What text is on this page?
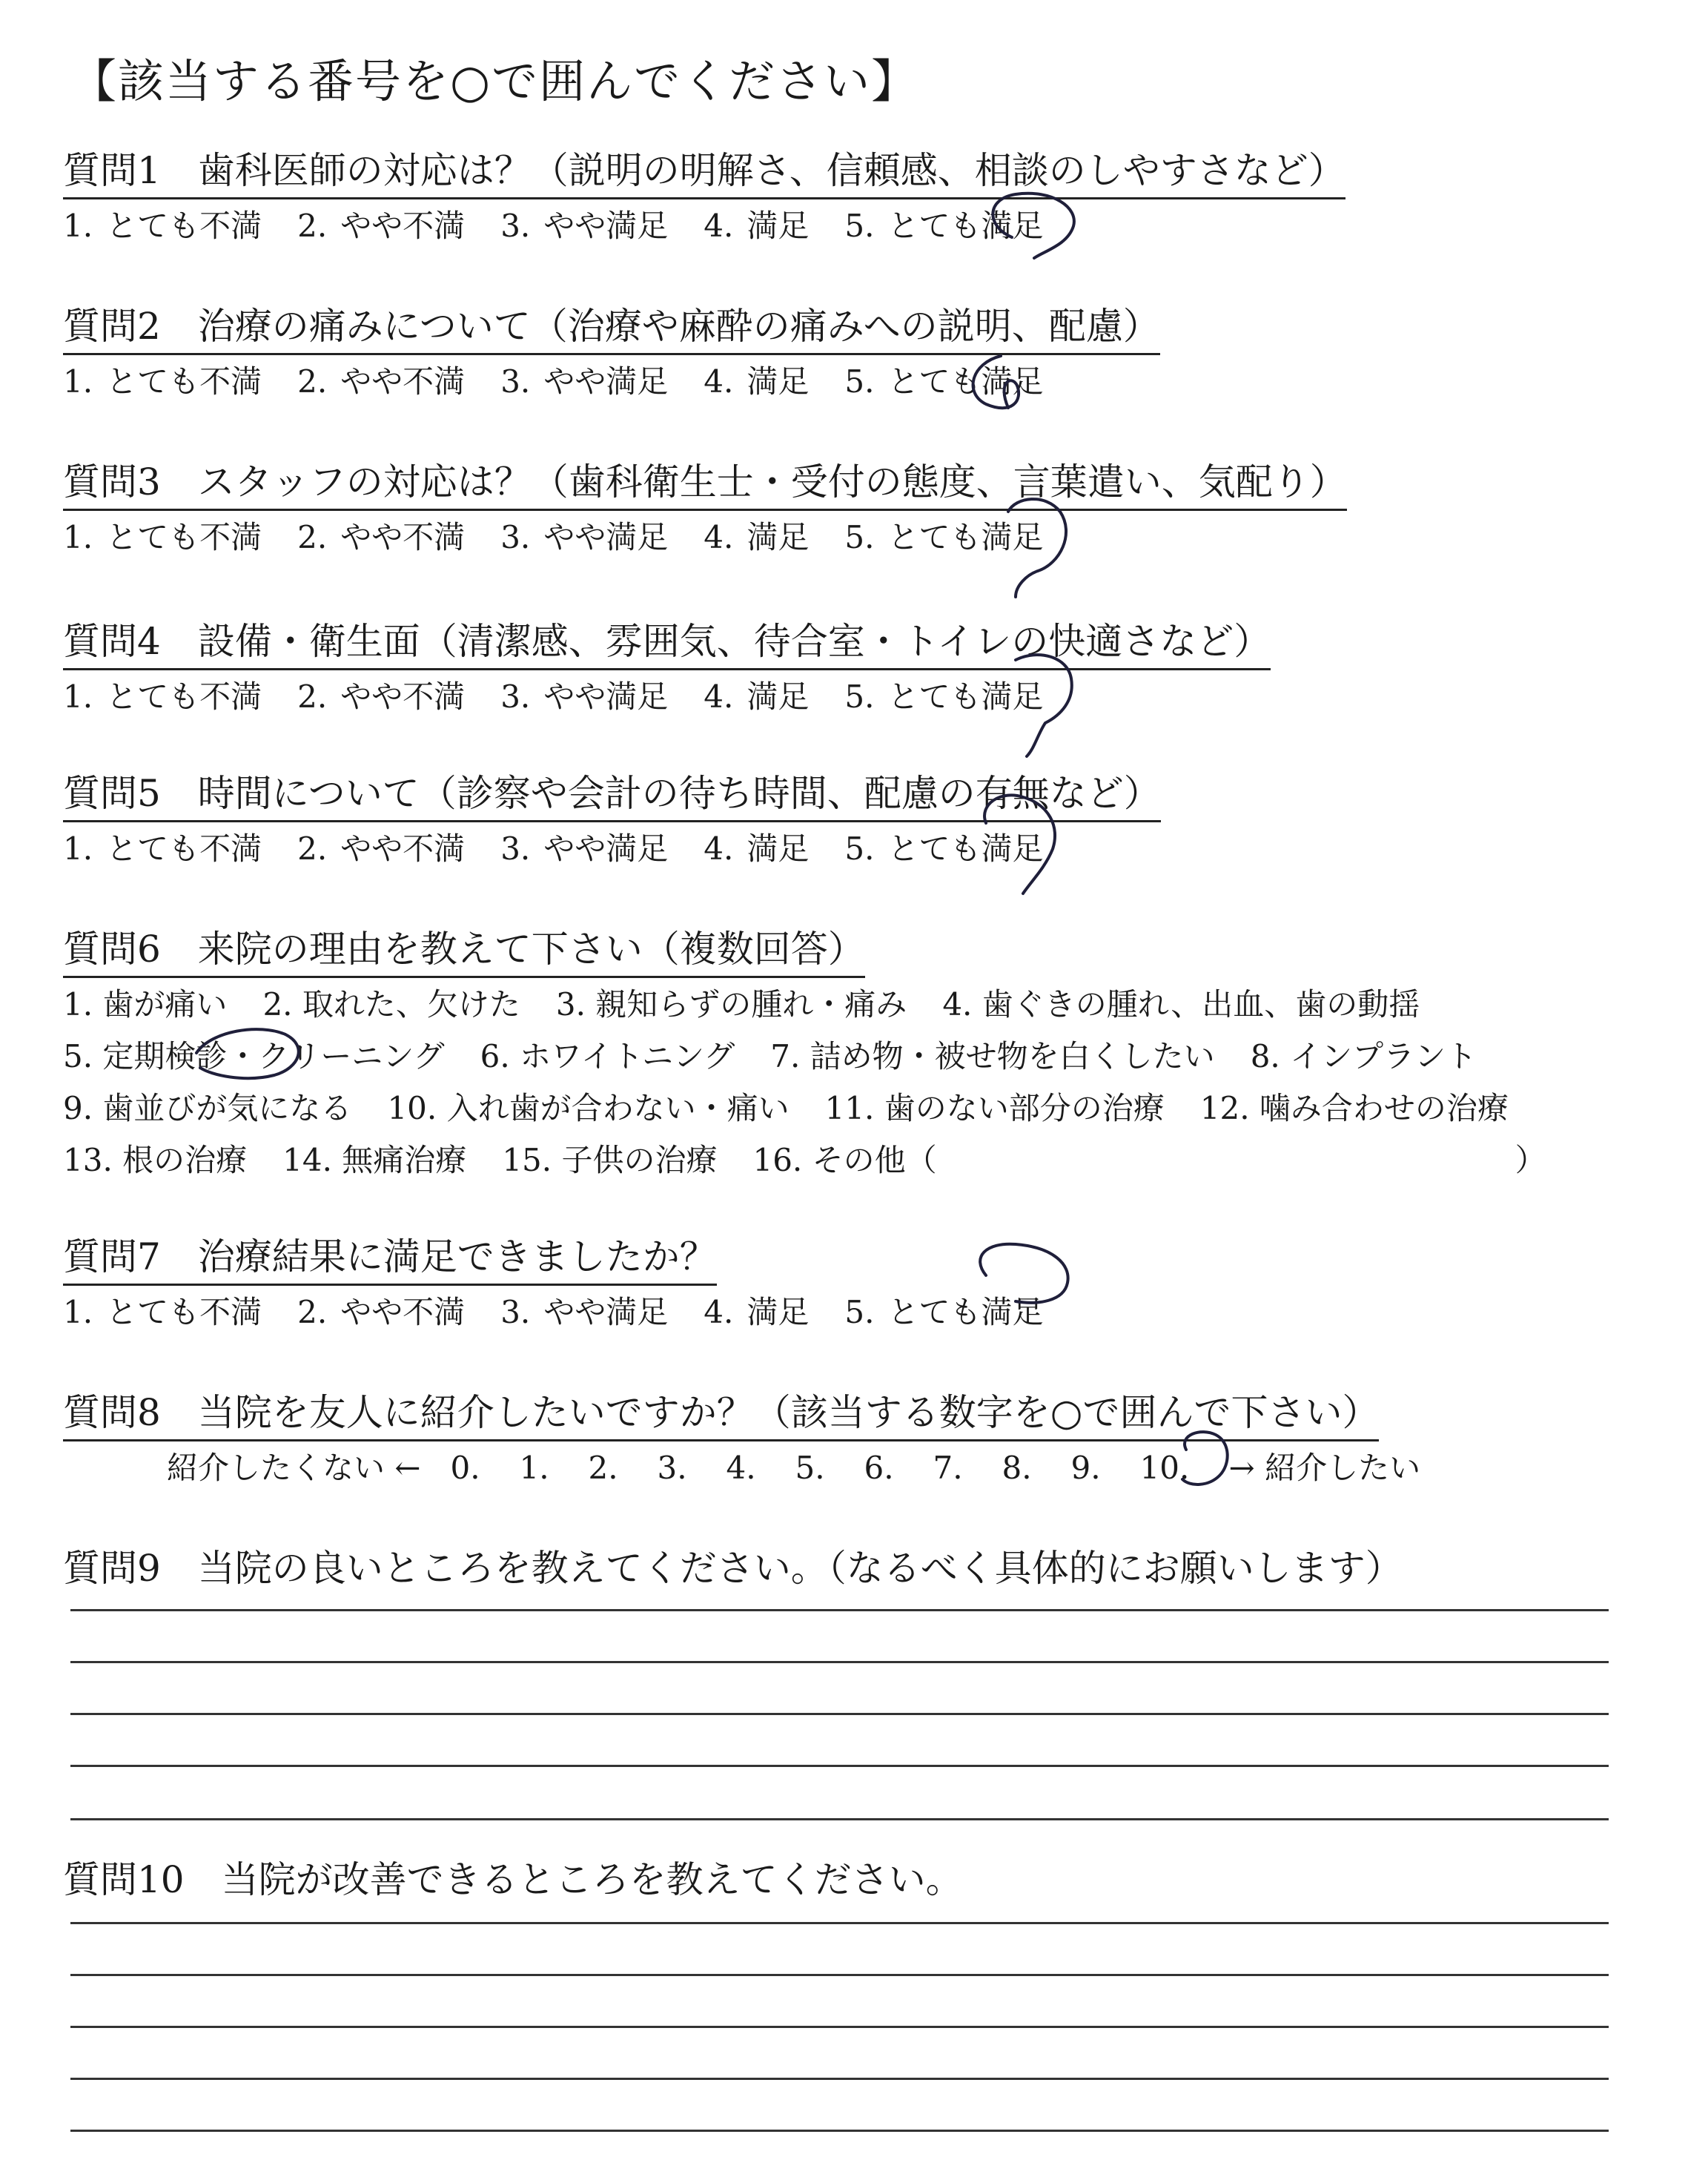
【該当する番号を○で囲んでください】
質問1　歯科医師の対応は？（説明の明解さ、信頼感、相談のしやすさなど）
1. とても不満 2. やや不満 3. やや満足 4. 満足 5. とても満足
質問2　治療の痛みについて（治療や麻酔の痛みへの説明、配慮）
1. とても不満 2. やや不満 3. やや満足 4. 満足 5. とても満足
質問3　スタッフの対応は？（歯科衛生士・受付の態度、言葉遣い、気配り）
1. とても不満 2. やや不満 3. やや満足 4. 満足 5. とても満足
質問4　設備・衛生面（清潔感、雰囲気、待合室・トイレの快適さなど）
1. とても不満 2. やや不満 3. やや満足 4. 満足 5. とても満足
質問5　時間について（診察や会計の待ち時間、配慮の有無など）
1. とても不満 2. やや不満 3. やや満足 4. 満足 5. とても満足
質問6　来院の理由を教えて下さい（複数回答）
1. 歯が痛い 2. 取れた、欠けた 3. 親知らずの腫れ・痛み 4. 歯ぐきの腫れ、出血、歯の動揺
5. 定期検診・クリーニング 6. ホワイトニング 7. 詰め物・被せ物を白くしたい 8. インプラント
9. 歯並びが気になる 10. 入れ歯が合わない・痛い 11. 歯のない部分の治療 12. 噛み合わせの治療
13. 根の治療 14. 無痛治療 15. 子供の治療 16. その他（	）
質問7　治療結果に満足できましたか？
1. とても不満 2. やや不満 3. やや満足 4. 満足 5. とても満足
質問8　当院を友人に紹介したいですか？（該当する数字を○で囲んで下さい）
紹介したくない ← 0. 1. 2. 3. 4. 5. 6. 7. 8. 9. 10. → 紹介したい
質問9　当院の良いところを教えてください。（なるべく具体的にお願いします）
質問10　当院が改善できるところを教えてください。
